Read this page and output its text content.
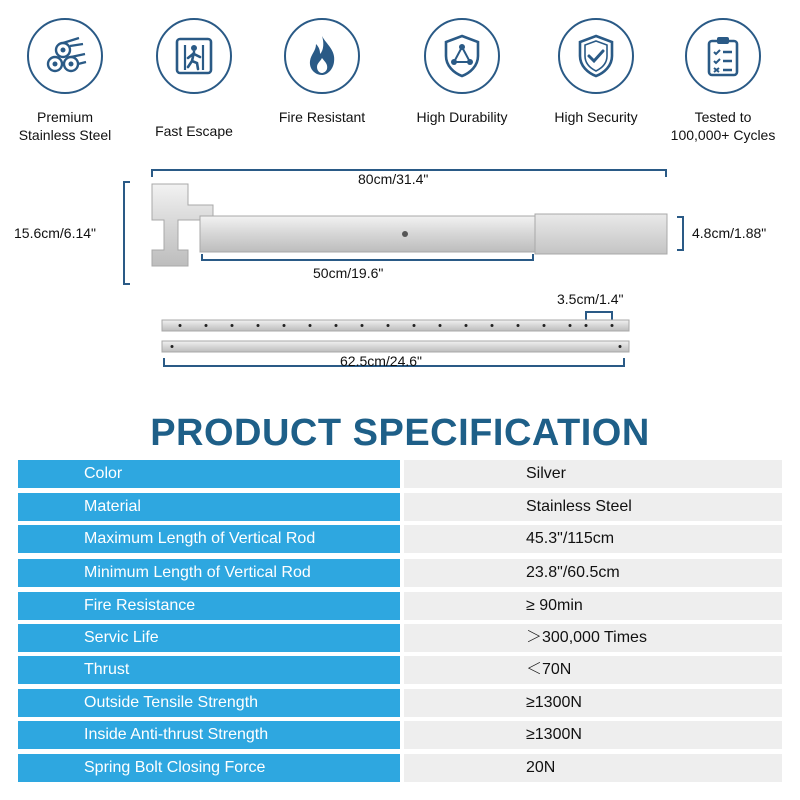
Premium
Stainless Steel	Fast Escape
Fire Resistant	High Durability	High Security	Tested to
100,000+ Cycles
80cm/31.4"
15.6cm/6.14"	4.8cm/1.88"
50cm/19.6"
3.5cm/1.4"
62.5cm/24.6"
PRODUCT SPECIFICATION
Color	Silver
Material	Stainless Steel
Maximum Length of Vertical Rod	45.3"/115cm
Minimum Length of Vertical Rod	23.8"/60.5cm
Fire Resistance	≥ 90min
Servic Life	＞300,000 Times
Thrust	＜70N
Outside Tensile Strength	≥1300N
Inside Anti-thrust Strength	≥1300N
Spring Bolt Closing Force	20N
